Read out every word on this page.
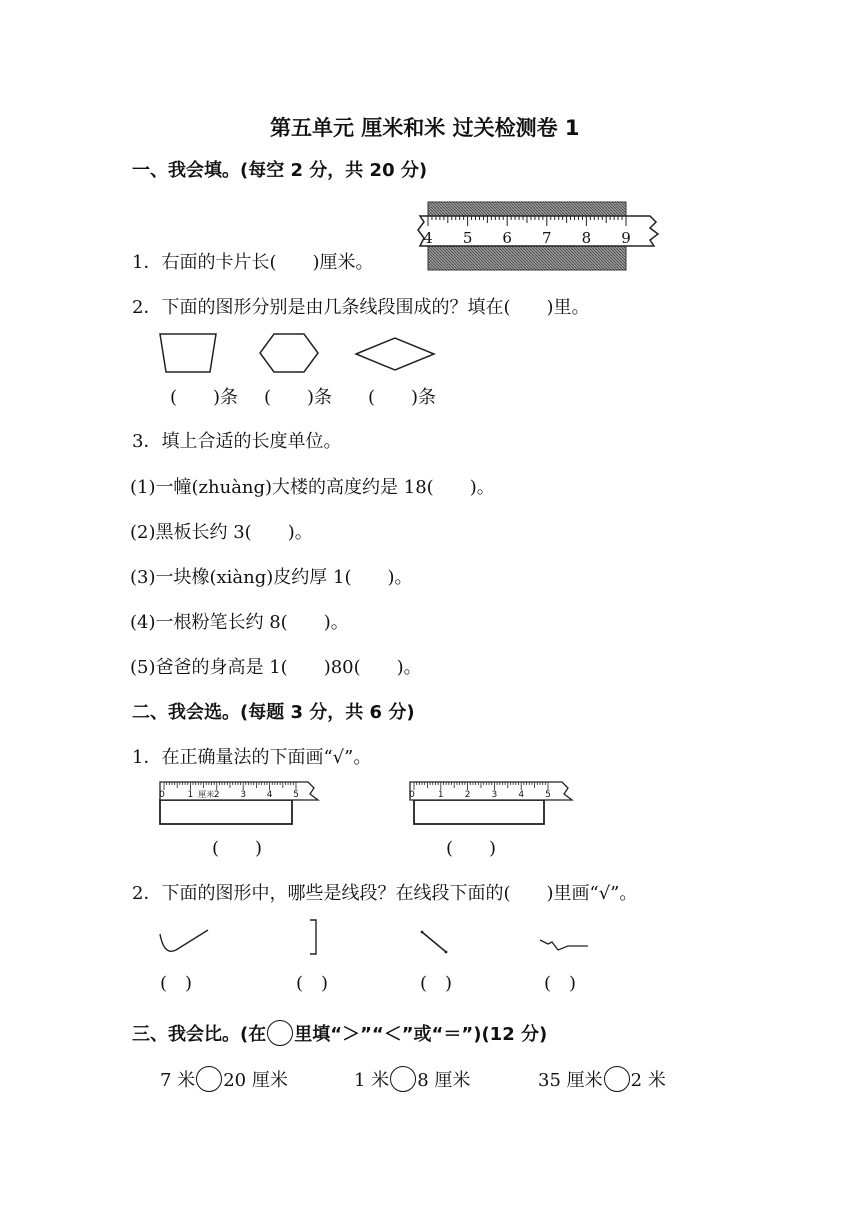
第五单元 厘米和米 过关检测卷 1
一、我会填。(每空 2 分，共 20 分)
4 5 6 7 8 9
1．右面的卡片长(　　)厘米。
2．下面的图形分别是由几条线段围成的？填在(　　)里。
(　　)条 (　　)条 (　　)条
3．填上合适的长度单位。
(1)一幢(zhuàng)大楼的高度约是 18(　　)。
(2)黑板长约 3(　　)。
(3)一块橡(xiàng)皮约厚 1(　　)。
(4)一根粉笔长约 8(　　)。
(5)爸爸的身高是 1(　　)80(　　)。
二、我会选。(每题 3 分，共 6 分)
1．在正确量法的下面画“√”。
0	1 2 3 4 5
厘米	0	1 2 3 4 5
(　　)	(　　)
2．下面的图形中，哪些是线段？在线段下面的(　　)里画“√”。
(　)	(　)	(　)	(　)
三、我会比。(在 里填“＞”“＜”或“＝”)(12 分)
7 米 20 厘米	1 米 8 厘米	35 厘米 2 米
